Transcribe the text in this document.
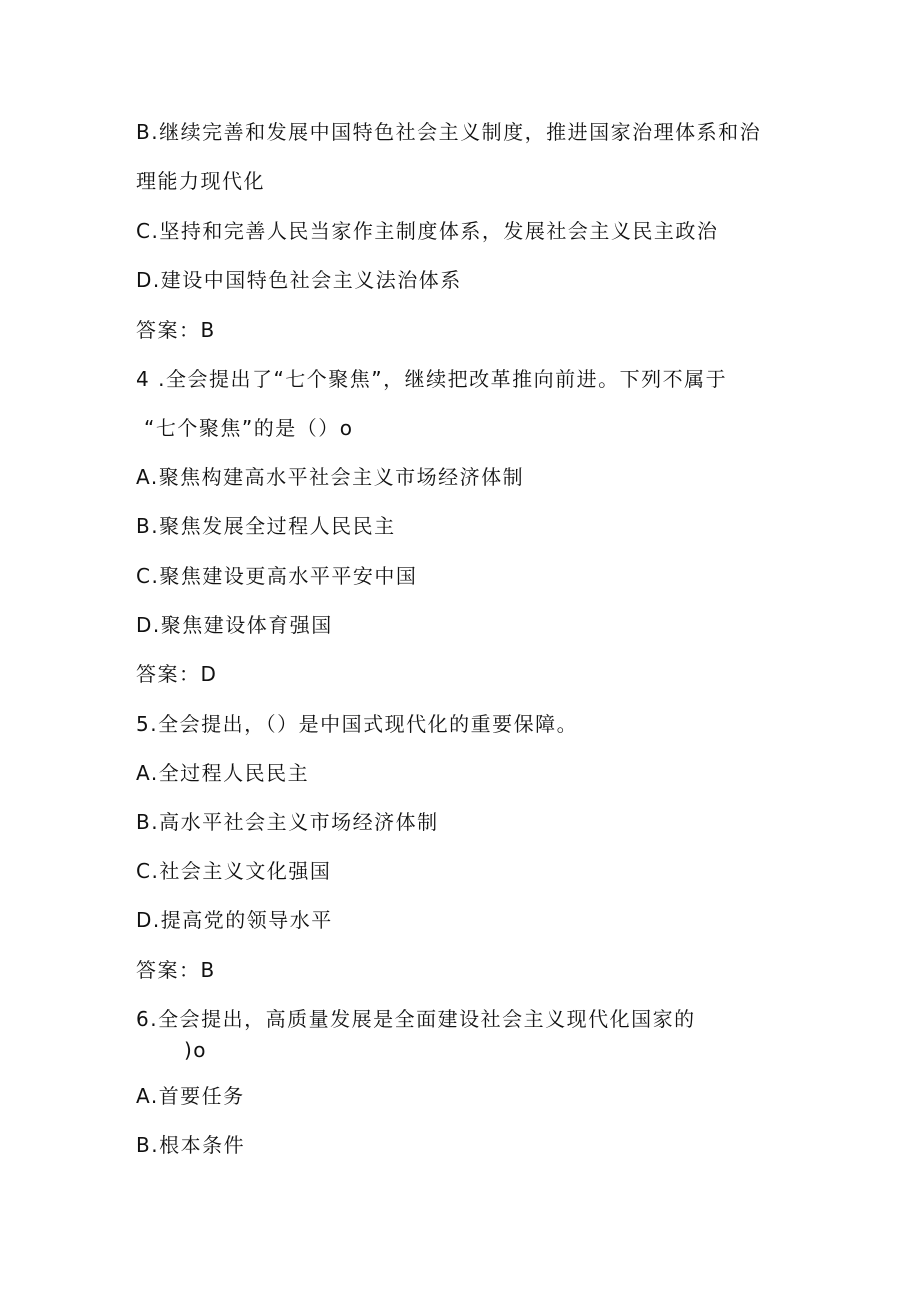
B.继续完善和发展中国特色社会主义制度，推进国家治理体系和治
理能力现代化
C.坚持和完善人民当家作主制度体系，发展社会主义民主政治
D.建设中国特色社会主义法治体系
答案：B
4 .全会提出了“七个聚焦”，继续把改革推向前进。下列不属于
“七个聚焦”的是（）o
A.聚焦构建高水平社会主义市场经济体制
B.聚焦发展全过程人民民主
C.聚焦建设更高水平平安中国
D.聚焦建设体育强国
答案：D
5.全会提出，（）是中国式现代化的重要保障。
A.全过程人民民主
B.高水平社会主义市场经济体制
C.社会主义文化强国
D.提高党的领导水平
答案：B
6.全会提出，高质量发展是全面建设社会主义现代化国家的
)o
A.首要任务
B.根本条件
